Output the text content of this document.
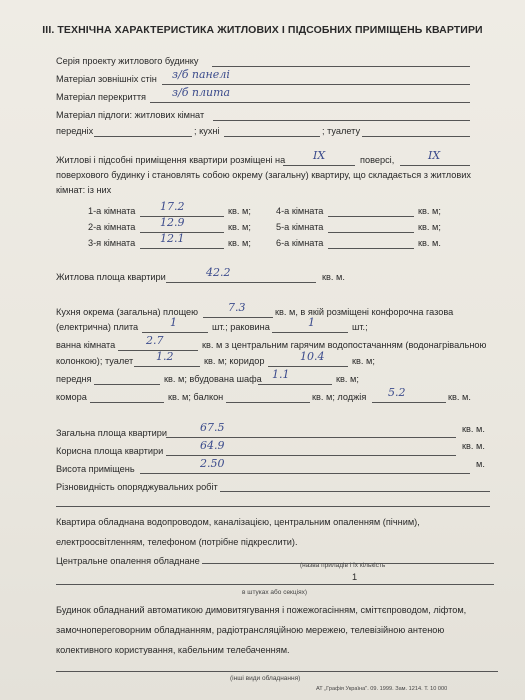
ІІІ. ТЕХНІЧНА ХАРАКТЕРИСТИКА ЖИТЛОВИХ І ПІДСОБНИХ ПРИМІЩЕНЬ КВАРТИРИ
Серія проекту житлового будинку
Матеріал зовнішніх стін з/б панелі
Матеріал перекриття з/б плита
Матеріал підлоги: житлових кімнат
передніх	; кухні	; туалету
Житлові і підсобні приміщення квартири розміщені на	ІХ	поверсі,	ІХ
поверхового будинку і становлять собою окрему (загальну) квартиру, що складається з житлових
кімнат: із них
1-а кімната 17.2	кв. м;
2-а кімната 12.9	кв. м;
3-я кімната 12.1	кв. м;
4-а кімната	кв. м;
5-а кімната	кв. м;
6-а кімната	кв. м.
Житлова площа квартири	42.2	кв. м.
Кухня окрема (загальна) площею	7.3	кв. м, в якій розміщені конфорочна газова
(електрична) плита	1	шт.; раковина	1	шт.;
ванна кімната	2.7	кв. м з центральним гарячим водопостачанням (водонагрівальною
колонкою); туалет 1.2	кв. м; коридор	10.4	кв. м;
передня	кв. м; вбудована шафа 1.1	кв. м;
комора	кв. м; балкон	кв. м; лоджія 5.2	кв. м.
Загальна площа квартири	67.5	кв. м.
Корисна площа квартири	64.9	кв. м.
Висота приміщень	2.50	м.
Різновидність опоряджувальних робіт
Квартира обладнана водопроводом, каналізацією, центральним опаленням (пічним),
електроосвітленням, телефоном (потрібне підкреслити).
Центральне опалення обладнане	(назва приладів і їх кількість
1
в штуках або секціях)
Будинок обладнаний автоматикою димовитягування і пожежогасінням, сміттєпроводом, ліфтом,
замочнопереговорним обладнанням, радіотрансляційною мережею, телевізійною антеною
колективного користування, кабельним телебаченням.
(інші види обладнання)
АТ „Графія Україна". 09. 1999. Зам. 1214. Т. 10 000
